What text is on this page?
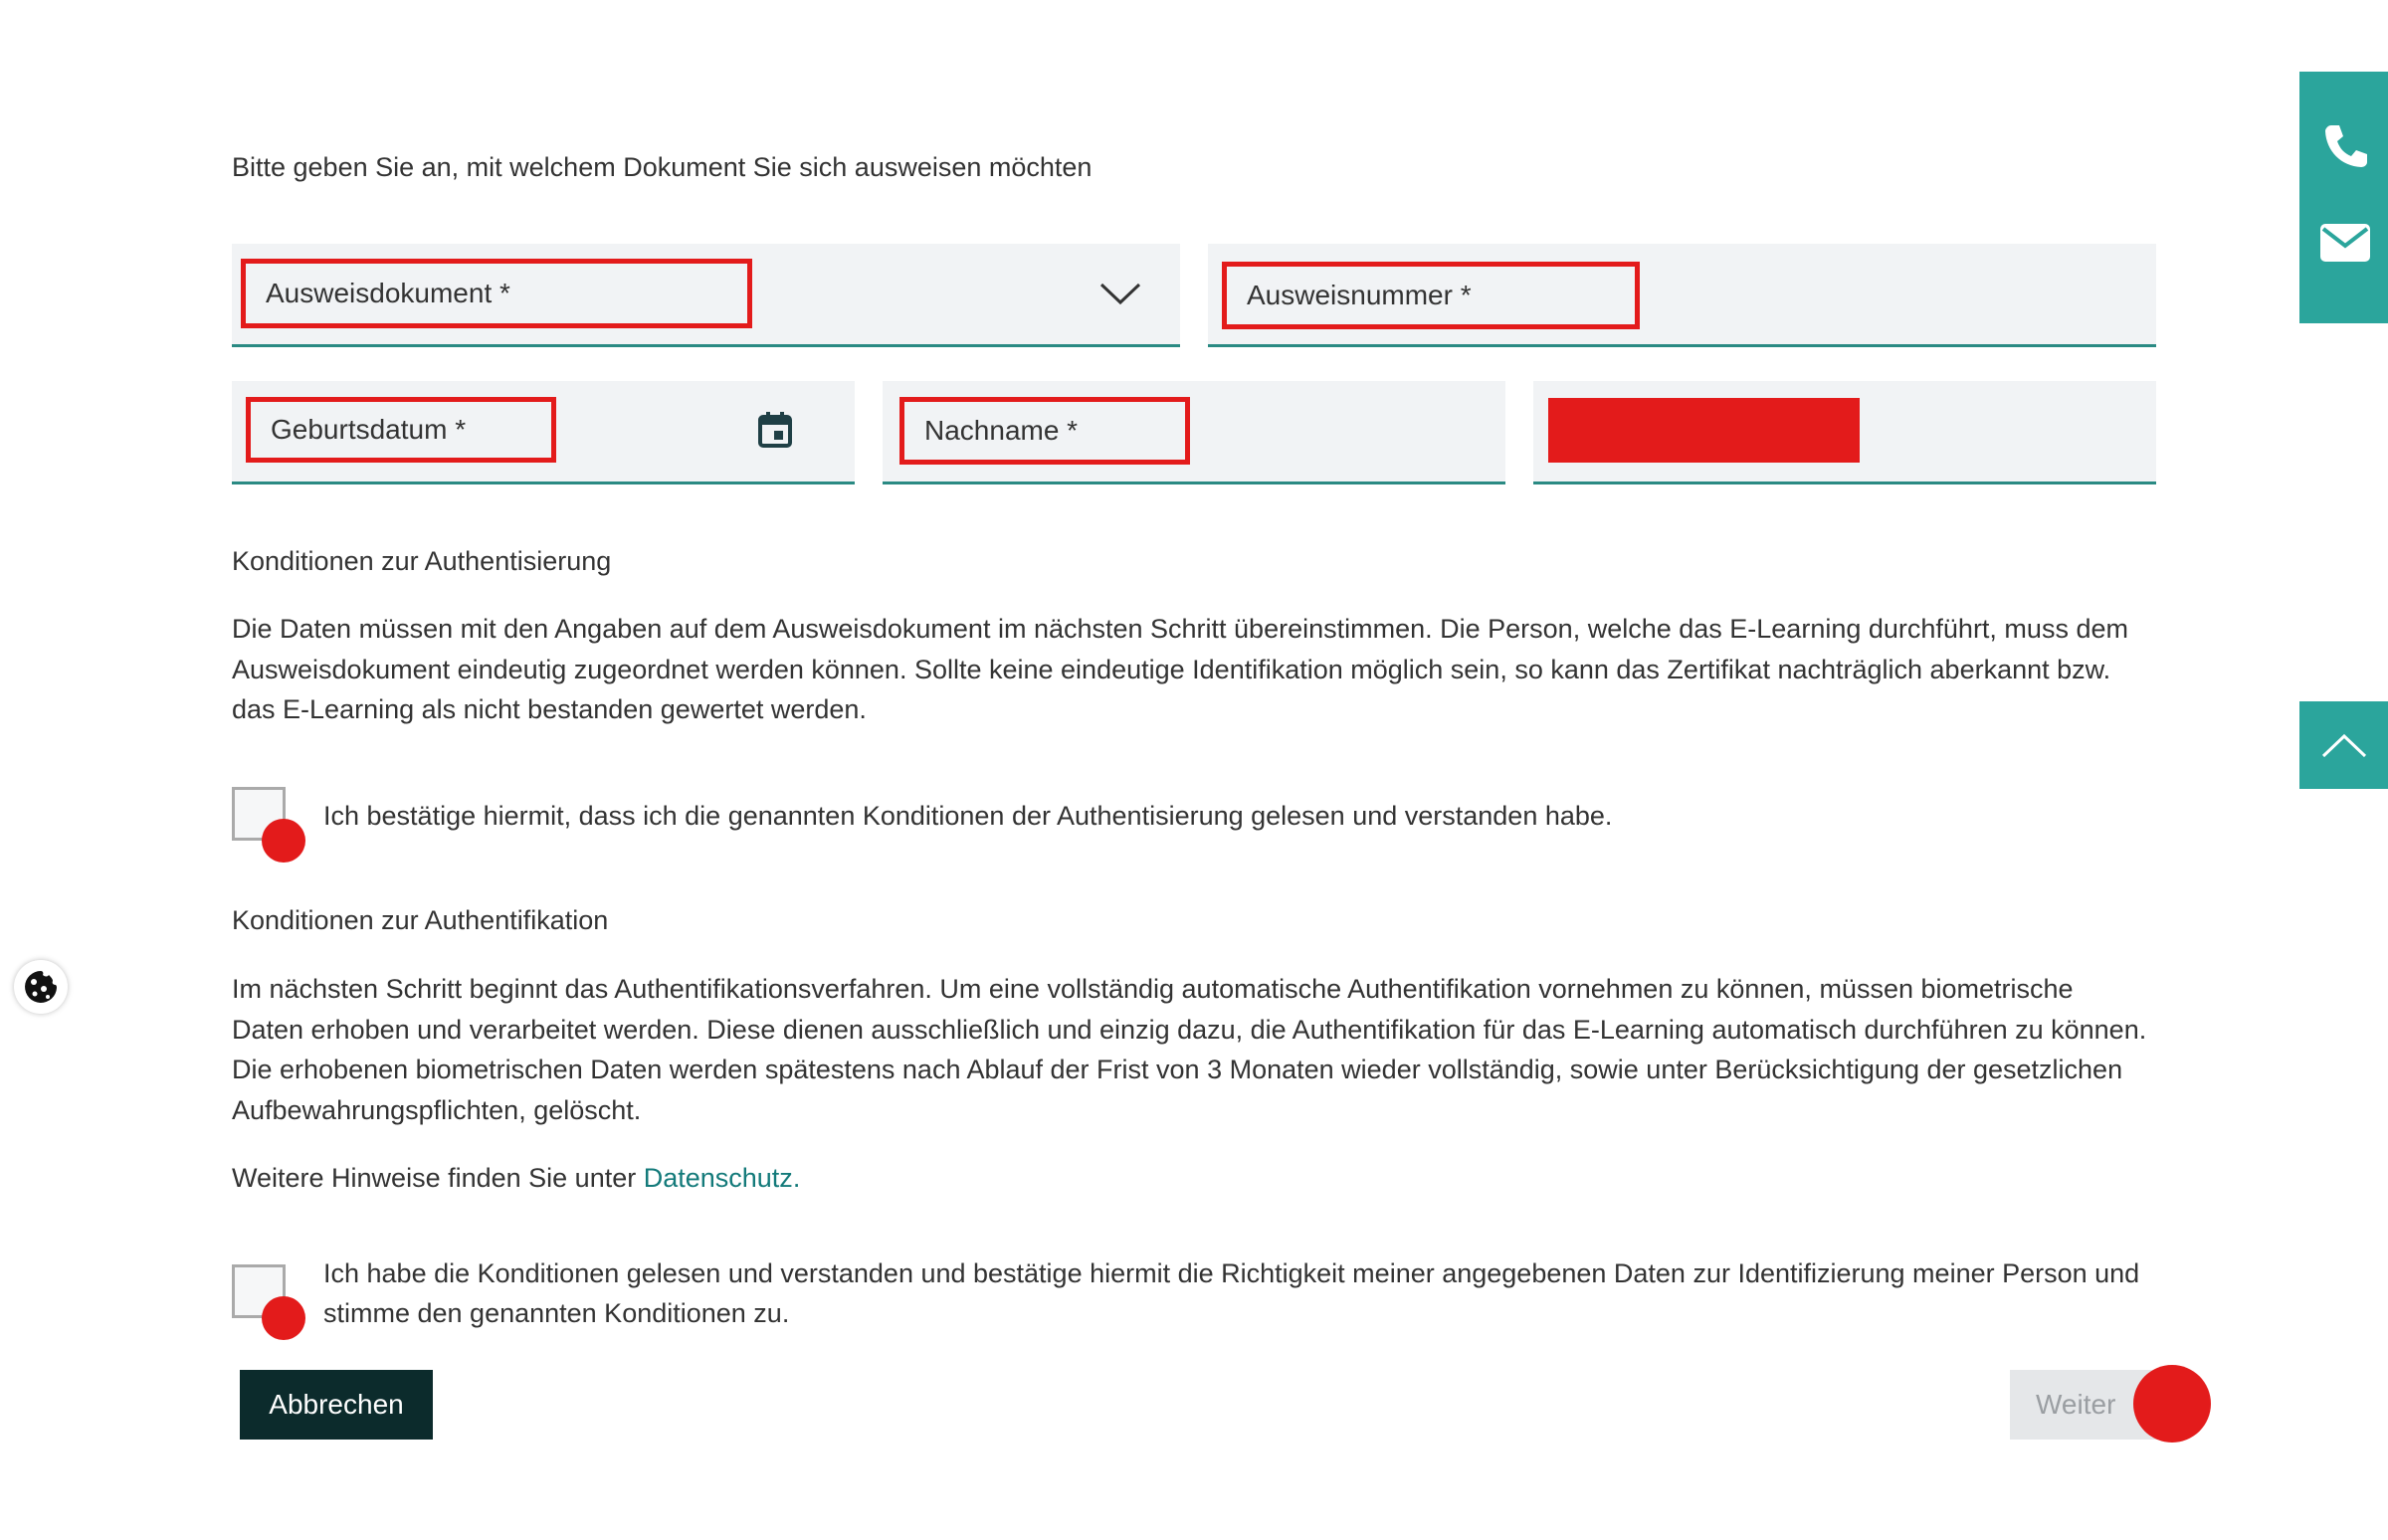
Bitte geben Sie an, mit welchem Dokument Sie sich ausweisen möchten
Ausweisdokument *	Ausweisnummer *
Geburtsdatum *	Nachname *
Konditionen zur Authentisierung
Die Daten müssen mit den Angaben auf dem Ausweisdokument im nächsten Schritt übereinstimmen. Die Person, welche das E-Learning durchführt, muss dem Ausweisdokument eindeutig zugeordnet werden können. Sollte keine eindeutige Identifikation möglich sein, so kann das Zertifikat nachträglich aberkannt bzw. das E-Learning als nicht bestanden gewertet werden.
Ich bestätige hiermit, dass ich die genannten Konditionen der Authentisierung gelesen und verstanden habe.
Konditionen zur Authentifikation
Im nächsten Schritt beginnt das Authentifikationsverfahren. Um eine vollständig automatische Authentifikation vornehmen zu können, müssen biometrische Daten erhoben und verarbeitet werden. Diese dienen ausschließlich und einzig dazu, die Authentifikation für das E-Learning automatisch durchführen zu können. Die erhobenen biometrischen Daten werden spätestens nach Ablauf der Frist von 3 Monaten wieder vollständig, sowie unter Berücksichtigung der gesetzlichen Aufbewahrungspflichten, gelöscht.
Weitere Hinweise finden Sie unter Datenschutz.
Ich habe die Konditionen gelesen und verstanden und bestätige hiermit die Richtigkeit meiner angegebenen Daten zur Identifizierung meiner Person und stimme den genannten Konditionen zu.
Abbrechen	Weiter
